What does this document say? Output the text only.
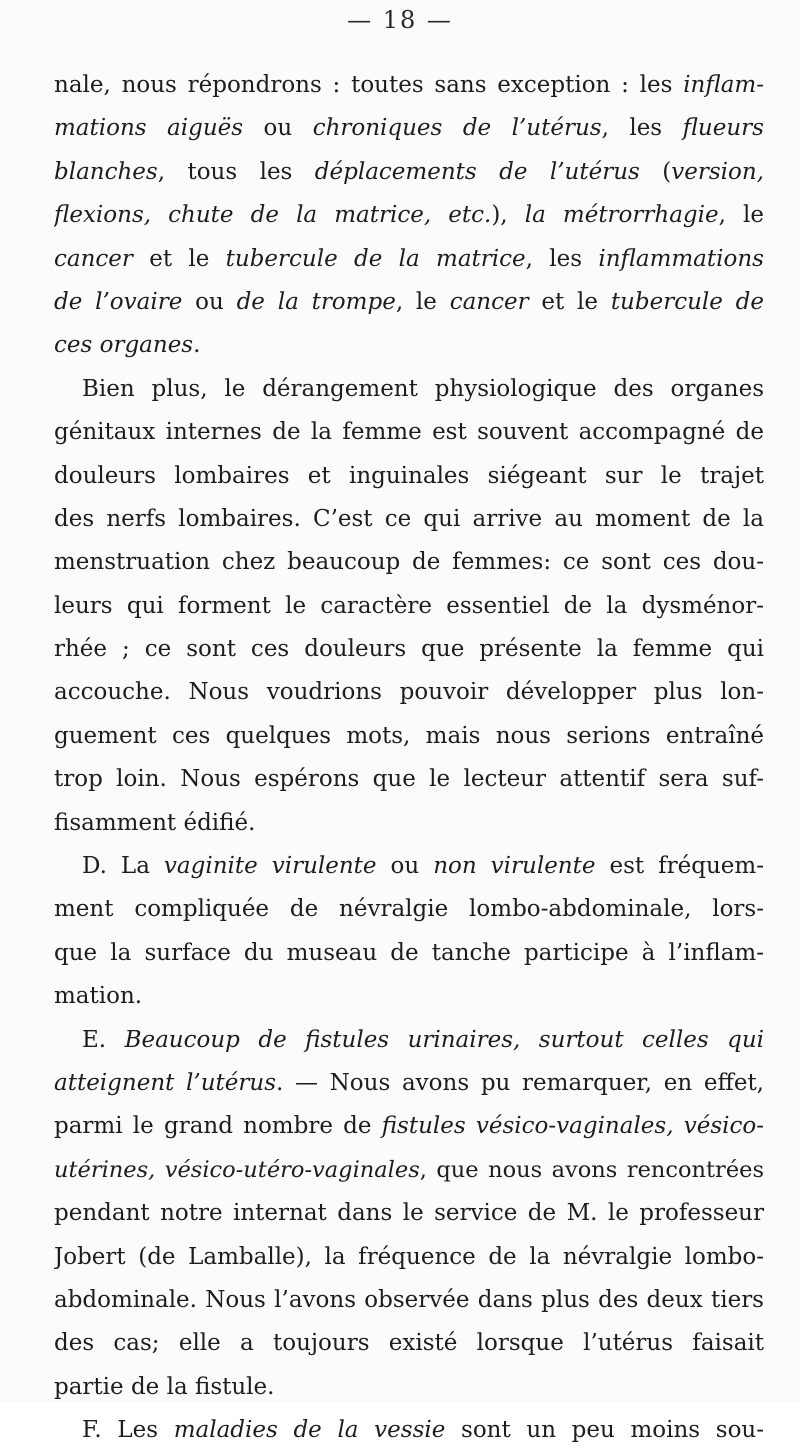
— 18 —
nale, nous répondrons : toutes sans exception : les inflam-
mations aiguës ou chroniques de l’utérus, les flueurs
blanches, tous les déplacements de l’utérus (version,
flexions, chute de la matrice, etc.), la métrorrhagie, le
cancer et le tubercule de la matrice, les inflammations
de l’ovaire ou de la trompe, le cancer et le tubercule de
ces organes.
Bien plus, le dérangement physiologique des organes
génitaux internes de la femme est souvent accompagné de
douleurs lombaires et inguinales siégeant sur le trajet
des nerfs lombaires. C’est ce qui arrive au moment de la
menstruation chez beaucoup de femmes: ce sont ces dou-
leurs qui forment le caractère essentiel de la dysménor-
rhée ; ce sont ces douleurs que présente la femme qui
accouche. Nous voudrions pouvoir développer plus lon-
guement ces quelques mots, mais nous serions entraîné
trop loin. Nous espérons que le lecteur attentif sera suf-
fisamment édifié.
D. La vaginite virulente ou non virulente est fréquem-
ment compliquée de névralgie lombo-abdominale, lors-
que la surface du museau de tanche participe à l’inflam-
mation.
E. Beaucoup de fistules urinaires, surtout celles qui
atteignent l’utérus. — Nous avons pu remarquer, en effet,
parmi le grand nombre de fistules vésico-vaginales, vésico-
utérines, vésico-utéro-vaginales, que nous avons rencontrées
pendant notre internat dans le service de M. le professeur
Jobert (de Lamballe), la fréquence de la névralgie lombo-
abdominale. Nous l’avons observée dans plus des deux tiers
des cas; elle a toujours existé lorsque l’utérus faisait
partie de la fistule.
F. Les maladies de la vessie sont un peu moins sou-
